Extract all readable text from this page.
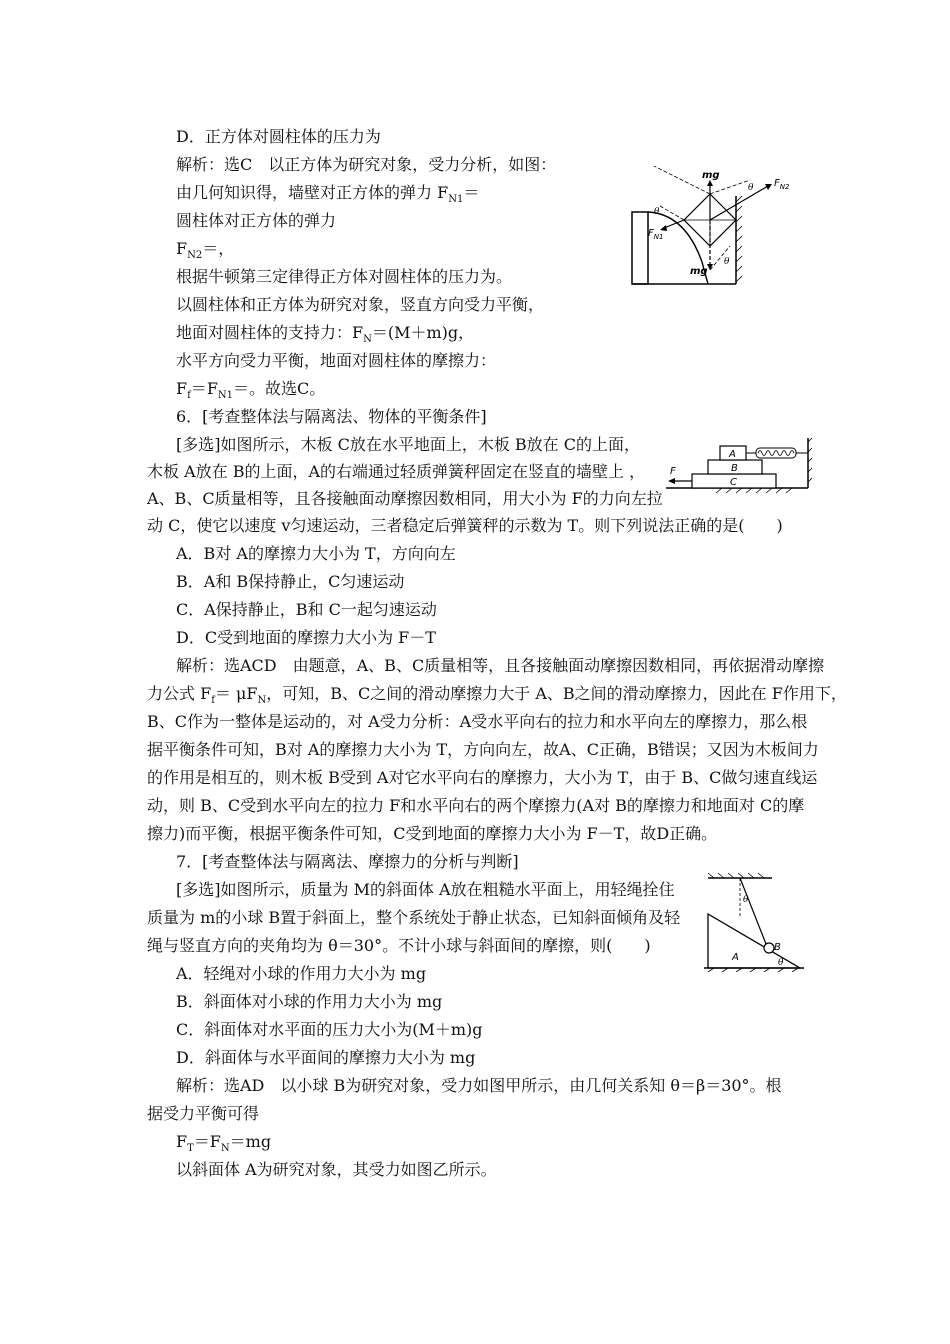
D．正方体对圆柱体的压力为
解析：选C　以正方体为研究对象，受力分析，如图：
由几何知识得，墙壁对正方体的弹力 $F_{N1}=$
圆柱体对正方体的弹力
$F_{N2}=$，
根据牛顿第三定律得正方体对圆柱体的压力为。
以圆柱体和正方体为研究对象，竖直方向受力平衡，
地面对圆柱体的支持力：$F_N=(M+m)g$，
水平方向受力平衡，地面对圆柱体的摩擦力：
$F_f=F_{N1}=$。故选C。
mg
mg
$F_{N2}$
$F_{N1}$
θ
θ
θ
6．[考查整体法与隔离法、物体的平衡条件]
[多选]如图所示，木板 C放在水平地面上，木板 B放在 C的上面，
木板 A放在 B的上面，A的右端通过轻质弹簧秤固定在竖直的墙壁上 ，
A、B、C质量相等，且各接触面动摩擦因数相同，用大小为 F的力向左拉
动 C，使它以速度 v匀速运动，三者稳定后弹簧秤的示数为 T。则下列说法正确的是(　　)
A
B
C
F
A．B对 A的摩擦力大小为 T，方向向左
B．A和 B保持静止，C匀速运动
C．A保持静止，B和 C一起匀速运动
D．C受到地面的摩擦力大小为 F－T
解析：选ACD　由题意，A、B、C质量相等，且各接触面动摩擦因数相同，再依据滑动摩擦
力公式 $F_f= \mu F_N$，可知，B、C之间的滑动摩擦力大于 A、B之间的滑动摩擦力，因此在 F作用下，
B、C作为一整体是运动的，对 A受力分析：A受水平向右的拉力和水平向左的摩擦力，那么根
据平衡条件可知，B对 A的摩擦力大小为 T，方向向左，故A、C正确，B错误；又因为木板间力
的作用是相互的，则木板 B受到 A对它水平向右的摩擦力，大小为 T，由于 B、C做匀速直线运
动，则 B、C受到水平向左的拉力 F和水平向右的两个摩擦力(A对 B的摩擦力和地面对 C的摩
擦力)而平衡，根据平衡条件可知，C受到地面的摩擦力大小为 F－T，故D正确。
7．[考查整体法与隔离法、摩擦力的分析与判断]
[多选]如图所示，质量为 M的斜面体 A放在粗糙水平面上，用轻绳拴住
质量为 m的小球 B置于斜面上，整个系统处于静止状态，已知斜面倾角及轻
绳与竖直方向的夹角均为 θ＝30°。不计小球与斜面间的摩擦，则(　　)
θ
B
A	θ
A．轻绳对小球的作用力大小为 mg
B．斜面体对小球的作用力大小为 mg
C．斜面体对水平面的压力大小为(M＋m)g
D．斜面体与水平面间的摩擦力大小为 mg
解析：选AD　以小球 B为研究对象，受力如图甲所示，由几何关系知 θ＝β＝30°。根
据受力平衡可得
$F_T=F_N=mg$
以斜面体 A为研究对象，其受力如图乙所示。
